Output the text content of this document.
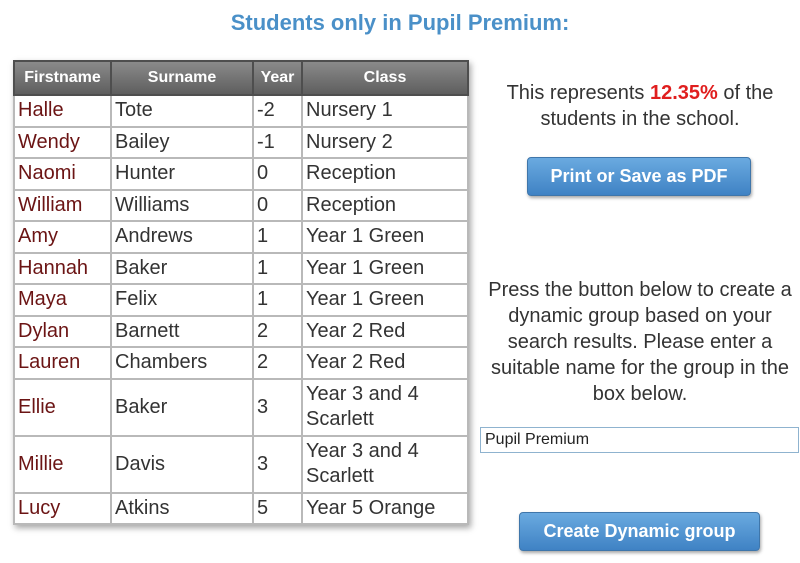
Students only in Pupil Premium:
Firstname	Surname	Year	Class
Halle	Tote	-2	Nursery 1
Wendy	Bailey	-1	Nursery 2
Naomi	Hunter	0	Reception
William	Williams	0	Reception
Amy	Andrews	1	Year 1 Green
Hannah	Baker	1	Year 1 Green
Maya	Felix	1	Year 1 Green
Dylan	Barnett	2	Year 2 Red
Lauren	Chambers	2	Year 2 Red
Ellie	Baker	3	Year 3 and 4 Scarlett
Millie	Davis	3	Year 3 and 4 Scarlett
Lucy	Atkins	5	Year 5 Orange
This represents 12.35% of the students in the school.
Print or Save as PDF
Press the button below to create a dynamic group based on your search results. Please enter a suitable name for the group in the box below.
Pupil Premium
Create Dynamic group
